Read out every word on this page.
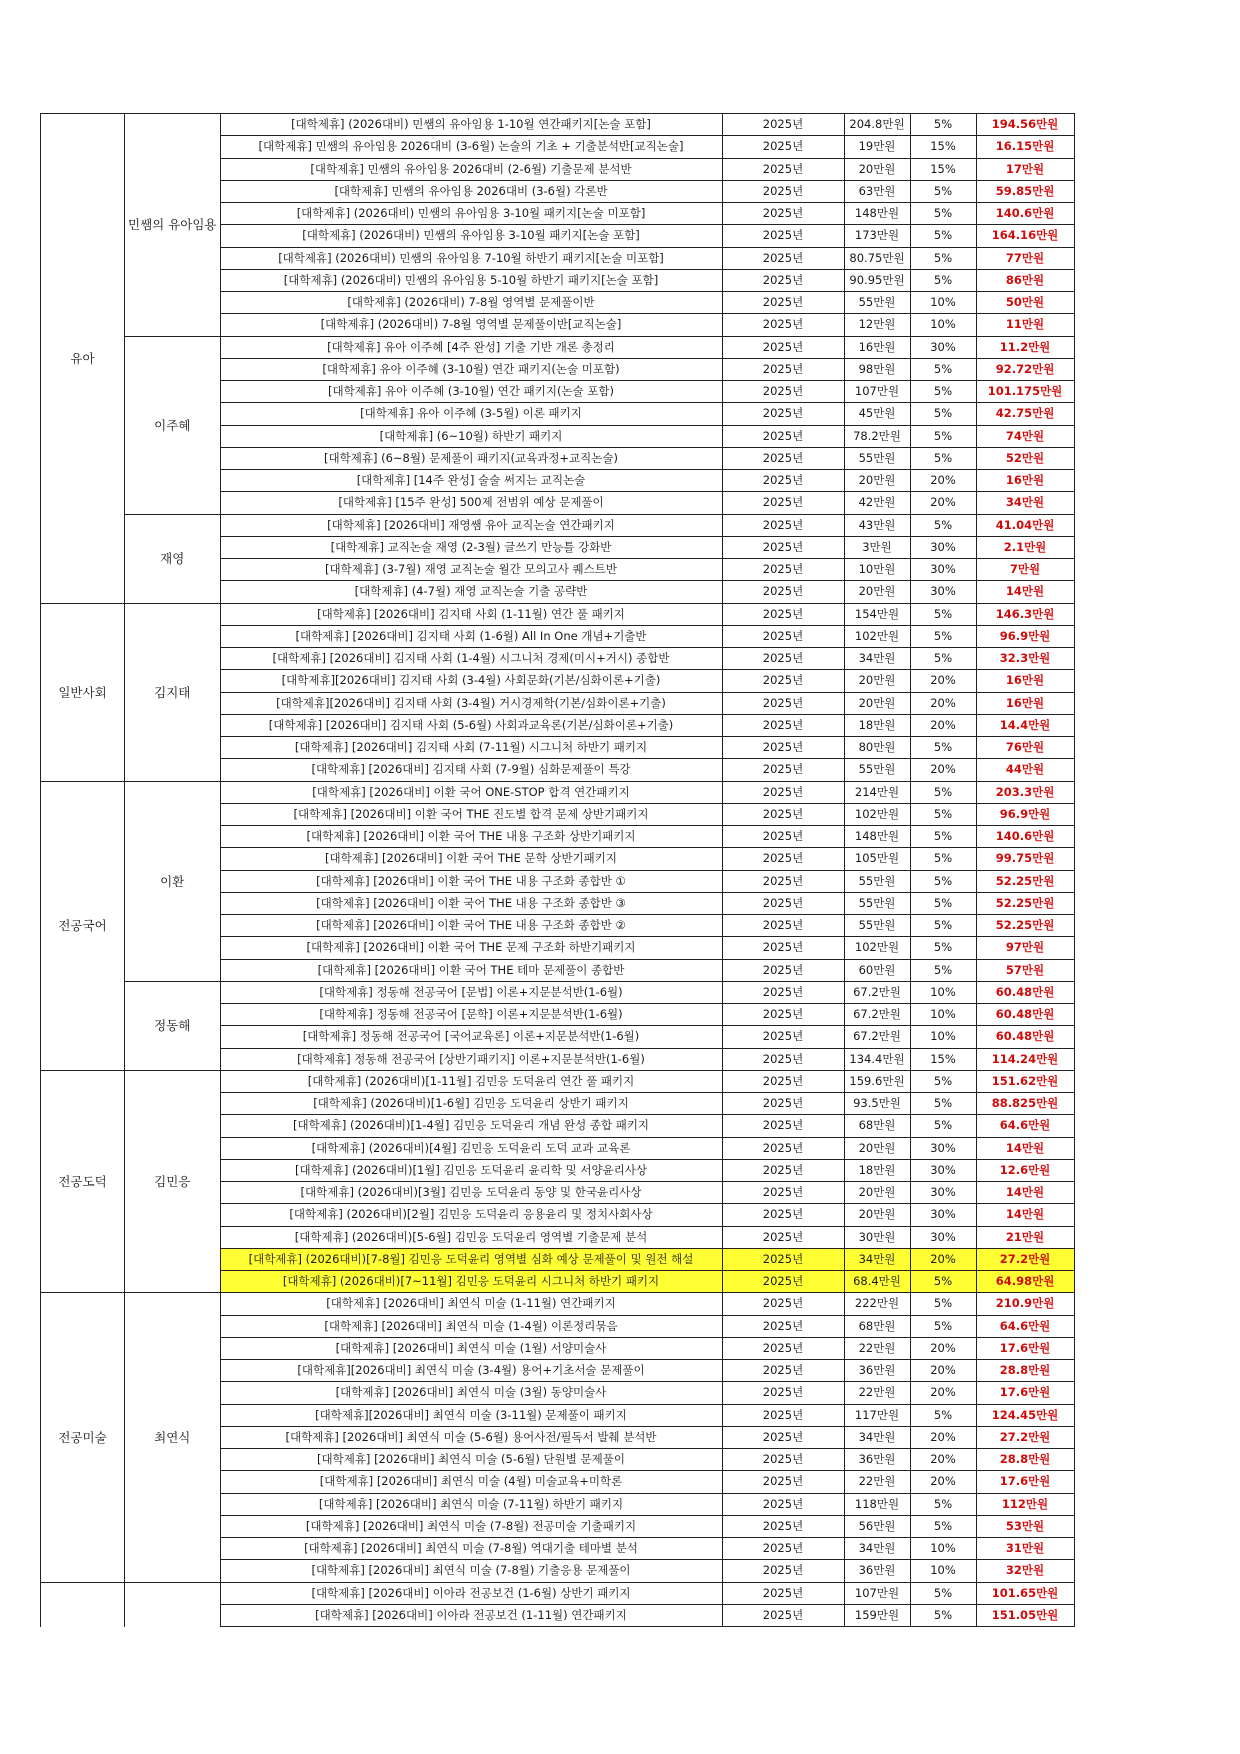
유아	민쌤의 유아임용	[대학제휴] (2026대비) 민쌤의 유아임용 1-10월 연간패키지[논술 포함]	2025년	204.8만원	5%	194.56만원
		[대학제휴] 민쌤의 유아임용 2026대비 (3-6월) 논술의 기초 + 기출분석반[교직논술]	2025년	19만원	15%	16.15만원
		[대학제휴] 민쌤의 유아임용 2026대비 (2-6월) 기출문제 분석반	2025년	20만원	15%	17만원
		[대학제휴] 민쌤의 유아임용 2026대비 (3-6월) 각론반	2025년	63만원	5%	59.85만원
		[대학제휴] (2026대비) 민쌤의 유아임용 3-10월 패키지[논술 미포함]	2025년	148만원	5%	140.6만원
		[대학제휴] (2026대비) 민쌤의 유아임용 3-10월 패키지[논술 포함]	2025년	173만원	5%	164.16만원
		[대학제휴] (2026대비) 민쌤의 유아임용 7-10월 하반기 패키지[논술 미포함]	2025년	80.75만원	5%	77만원
		[대학제휴] (2026대비) 민쌤의 유아임용 5-10월 하반기 패키지[논술 포함]	2025년	90.95만원	5%	86만원
		[대학제휴] (2026대비) 7-8월 영역별 문제풀이반	2025년	55만원	10%	50만원
		[대학제휴] (2026대비) 7-8월 영역별 문제풀이반[교직논술]	2025년	12만원	10%	11만원
	이주혜	[대학제휴] 유아 이주혜 [4주 완성] 기출 기반 개론 총정리	2025년	16만원	30%	11.2만원
		[대학제휴] 유아 이주혜 (3-10월) 연간 패키지(논술 미포함)	2025년	98만원	5%	92.72만원
		[대학제휴] 유아 이주혜 (3-10월) 연간 패키지(논술 포함)	2025년	107만원	5%	101.175만원
		[대학제휴] 유아 이주혜 (3-5월) 이론 패키지	2025년	45만원	5%	42.75만원
		[대학제휴] (6~10월) 하반기 패키지	2025년	78.2만원	5%	74만원
		[대학제휴] (6~8월) 문제풀이 패키지(교육과정+교직논술)	2025년	55만원	5%	52만원
		[대학제휴] [14주 완성] 술술 써지는 교직논술	2025년	20만원	20%	16만원
		[대학제휴] [15주 완성] 500제 전범위 예상 문제풀이	2025년	42만원	20%	34만원
	재영	[대학제휴] [2026대비] 재영쌤 유아 교직논술 연간패키지	2025년	43만원	5%	41.04만원
		[대학제휴] 교직논술 재영 (2-3월) 글쓰기 만능틀 강화반	2025년	3만원	30%	2.1만원
		[대학제휴] (3-7월) 재영 교직논술 월간 모의고사 퀘스트반	2025년	10만원	30%	7만원
		[대학제휴] (4-7월) 재영 교직논술 기출 공략반	2025년	20만원	30%	14만원
일반사회	김지태	[대학제휴] [2026대비] 김지태 사회 (1-11월) 연간 풀 패키지	2025년	154만원	5%	146.3만원
		[대학제휴] [2026대비] 김지태 사회 (1-6월) All In One 개념+기출반	2025년	102만원	5%	96.9만원
		[대학제휴] [2026대비] 김지태 사회 (1-4월) 시그니처 경제(미시+거시) 종합반	2025년	34만원	5%	32.3만원
		[대학제휴][2026대비] 김지태 사회 (3-4월) 사회문화(기본/심화이론+기출)	2025년	20만원	20%	16만원
		[대학제휴][2026대비] 김지태 사회 (3-4월) 거시경제학(기본/심화이론+기출)	2025년	20만원	20%	16만원
		[대학제휴] [2026대비] 김지태 사회 (5-6월) 사회과교육론(기본/심화이론+기출)	2025년	18만원	20%	14.4만원
		[대학제휴] [2026대비] 김지태 사회 (7-11월) 시그니처 하반기 패키지	2025년	80만원	5%	76만원
		[대학제휴] [2026대비] 김지태 사회 (7-9월) 심화문제풀이 특강	2025년	55만원	20%	44만원
전공국어	이환	[대학제휴] [2026대비] 이환 국어 ONE-STOP 합격 연간패키지	2025년	214만원	5%	203.3만원
		[대학제휴] [2026대비] 이환 국어 THE 진도별 합격 문제 상반기패키지	2025년	102만원	5%	96.9만원
		[대학제휴] [2026대비] 이환 국어 THE 내용 구조화 상반기패키지	2025년	148만원	5%	140.6만원
		[대학제휴] [2026대비] 이환 국어 THE 문학 상반기패키지	2025년	105만원	5%	99.75만원
		[대학제휴] [2026대비] 이환 국어 THE 내용 구조화 종합반 ①	2025년	55만원	5%	52.25만원
		[대학제휴] [2026대비] 이환 국어 THE 내용 구조화 종합반 ③	2025년	55만원	5%	52.25만원
		[대학제휴] [2026대비] 이환 국어 THE 내용 구조화 종합반 ②	2025년	55만원	5%	52.25만원
		[대학제휴] [2026대비] 이환 국어 THE 문제 구조화 하반기패키지	2025년	102만원	5%	97만원
		[대학제휴] [2026대비] 이환 국어 THE 테마 문제풀이 종합반	2025년	60만원	5%	57만원
	정동해	[대학제휴] 정동해 전공국어 [문법] 이론+지문분석반(1-6월)	2025년	67.2만원	10%	60.48만원
		[대학제휴] 정동해 전공국어 [문학] 이론+지문분석반(1-6월)	2025년	67.2만원	10%	60.48만원
		[대학제휴] 정동해 전공국어 [국어교육론] 이론+지문분석반(1-6월)	2025년	67.2만원	10%	60.48만원
		[대학제휴] 정동해 전공국어 [상반기패키지] 이론+지문분석반(1-6월)	2025년	134.4만원	15%	114.24만원
전공도덕	김민응	[대학제휴] (2026대비)[1-11월] 김민응 도덕윤리 연간 풀 패키지	2025년	159.6만원	5%	151.62만원
		[대학제휴] (2026대비)[1-6월] 김민응 도덕윤리 상반기 패키지	2025년	93.5만원	5%	88.825만원
		[대학제휴] (2026대비)[1-4월] 김민응 도덕윤리 개념 완성 종합 패키지	2025년	68만원	5%	64.6만원
		[대학제휴] (2026대비)[4월] 김민응 도덕윤리 도덕 교과 교육론	2025년	20만원	30%	14만원
		[대학제휴] (2026대비)[1월] 김민응 도덕윤리 윤리학 및 서양윤리사상	2025년	18만원	30%	12.6만원
		[대학제휴] (2026대비)[3월] 김민응 도덕윤리 동양 및 한국윤리사상	2025년	20만원	30%	14만원
		[대학제휴] (2026대비)[2월] 김민응 도덕윤리 응용윤리 및 정치사회사상	2025년	20만원	30%	14만원
		[대학제휴] (2026대비)[5-6월] 김민응 도덕윤리 영역별 기출문제 분석	2025년	30만원	30%	21만원
		[대학제휴] (2026대비)[7-8월] 김민응 도덕윤리 영역별 심화 예상 문제풀이 및 원전 해설	2025년	34만원	20%	27.2만원
		[대학제휴] (2026대비)[7~11월] 김민응 도덕윤리 시그니처 하반기 패키지	2025년	68.4만원	5%	64.98만원
전공미술	최연식	[대학제휴] [2026대비] 최연식 미술 (1-11월) 연간패키지	2025년	222만원	5%	210.9만원
		[대학제휴] [2026대비] 최연식 미술 (1-4월) 이론정리묶음	2025년	68만원	5%	64.6만원
		[대학제휴] [2026대비] 최연식 미술 (1월) 서양미술사	2025년	22만원	20%	17.6만원
		[대학제휴][2026대비] 최연식 미술 (3-4월) 용어+기초서술 문제풀이	2025년	36만원	20%	28.8만원
		[대학제휴] [2026대비] 최연식 미술 (3월) 동양미술사	2025년	22만원	20%	17.6만원
		[대학제휴][2026대비] 최연식 미술 (3-11월) 문제풀이 패키지	2025년	117만원	5%	124.45만원
		[대학제휴] [2026대비] 최연식 미술 (5-6월) 용어사전/필독서 발췌 분석반	2025년	34만원	20%	27.2만원
		[대학제휴] [2026대비] 최연식 미술 (5-6월) 단원별 문제풀이	2025년	36만원	20%	28.8만원
		[대학제휴] [2026대비] 최연식 미술 (4월) 미술교육+미학론	2025년	22만원	20%	17.6만원
		[대학제휴] [2026대비] 최연식 미술 (7-11월) 하반기 패키지	2025년	118만원	5%	112만원
		[대학제휴] [2026대비] 최연식 미술 (7-8월) 전공미술 기출패키지	2025년	56만원	5%	53만원
		[대학제휴] [2026대비] 최연식 미술 (7-8월) 역대기출 테마별 분석	2025년	34만원	10%	31만원
		[대학제휴] [2026대비] 최연식 미술 (7-8월) 기출응용 문제풀이	2025년	36만원	10%	32만원
		[대학제휴] [2026대비] 이아라 전공보건 (1-6월) 상반기 패키지	2025년	107만원	5%	101.65만원
		[대학제휴] [2026대비] 이아라 전공보건 (1-11월) 연간패키지	2025년	159만원	5%	151.05만원
